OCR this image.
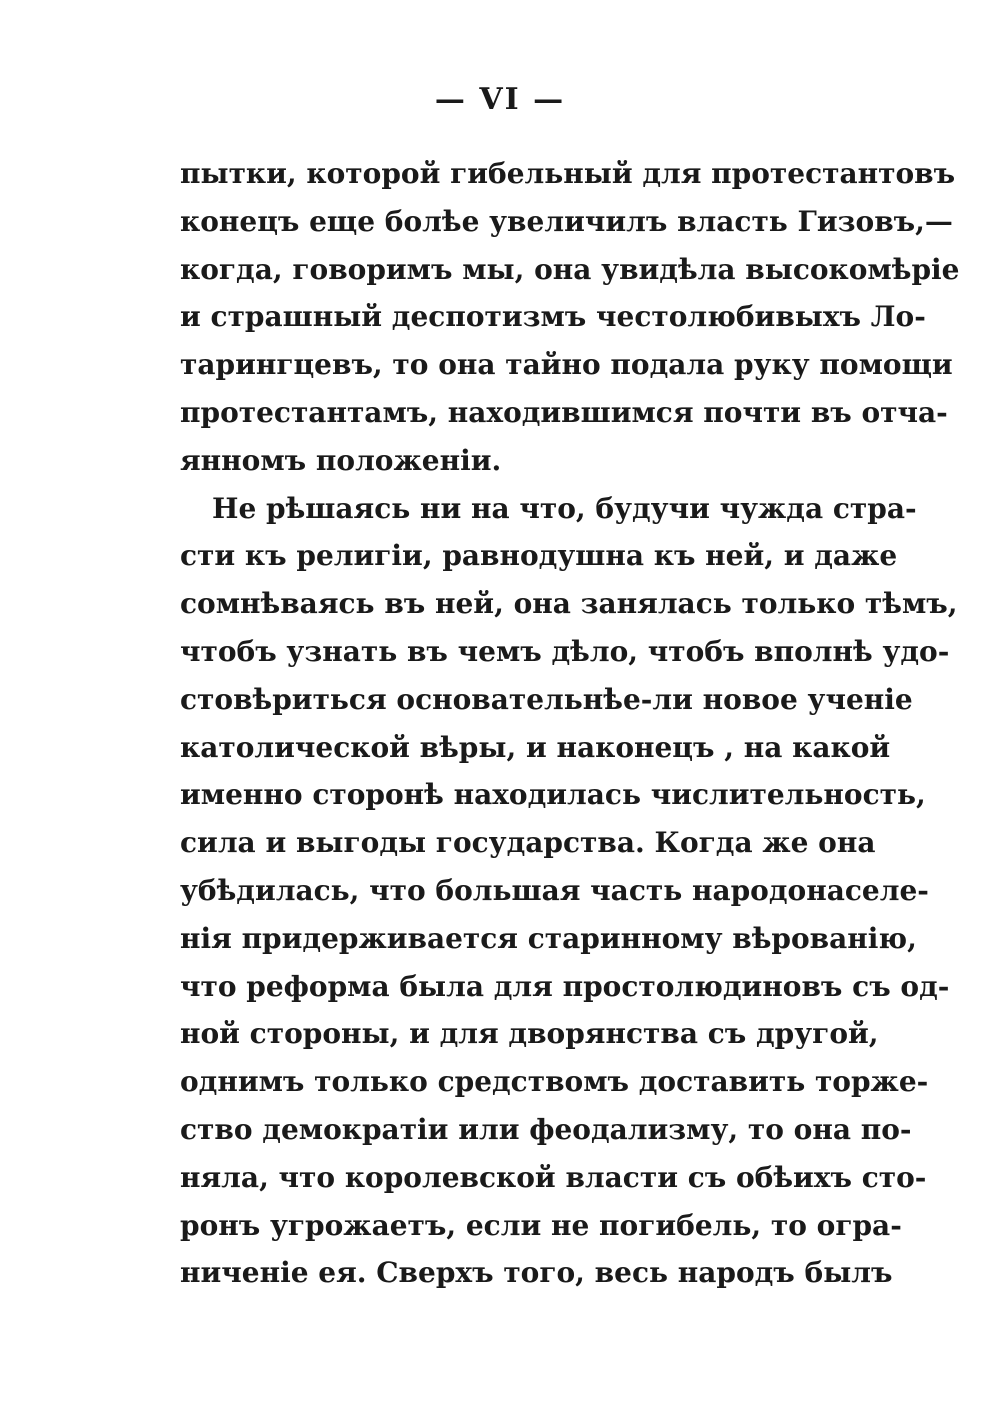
— VI —
пытки, которой гибельный для протестантовъ
конецъ еще болѣе увеличилъ власть Гизовъ,—
когда, говоримъ мы, она увидѣла высокомѣрiе
и страшный деспотизмъ честолюбивыхъ Ло-
тарингцевъ, то она тайно подала руку помощи
протестантамъ, находившимся почти въ отча-
янномъ положенiи.
Не рѣшаясь ни на что, будучи чужда стра-
сти къ религiи, равнодушна къ ней, и даже
сомнѣваясь въ ней, она занялась только тѣмъ,
чтобъ узнать въ чемъ дѣло, чтобъ вполнѣ удо-
стовѣриться основательнѣе-ли новое ученiе
католической вѣры, и наконецъ , на какой
именно сторонѣ находилась числительность,
сила и выгоды государства. Когда же она
убѣдилась, что большая часть народонаселе-
нiя придерживается старинному вѣрованiю,
что реформа была для простолюдиновъ съ од-
ной стороны, и для дворянства съ другой,
однимъ только средствомъ доставить торже-
ство демократiи или феодализму, то она по-
няла, что королевской власти съ обѣихъ сто-
ронъ угрожаетъ, если не погибель, то огра-
ниченiе ея. Сверхъ того, весь народъ былъ
